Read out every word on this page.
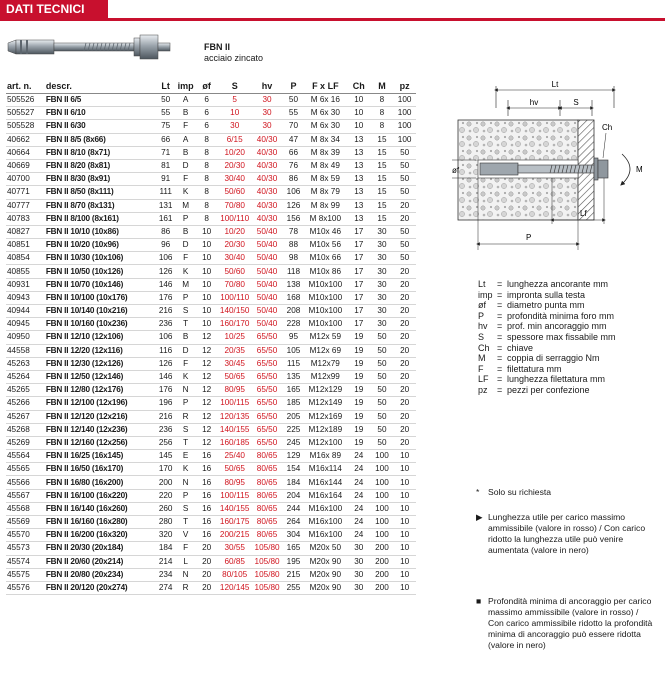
DATI TECNICI
FBN II
acciaio zincato
art. n.	descr.	Lt	imp	øf	S	hv	P	F x LF	Ch	M	pz
505526	FBN II 6/5	50	A	6	5	30	50	M 6x 16	10	8	100
505527	FBN II 6/10	55	B	6	10	30	55	M 6x 30	10	8	100
505528	FBN II 6/30	75	F	6	30	30	70	M 6x 30	10	8	100
40662	FBN II 8/5 (8x66)	66	A	8	6/15	40/30	47	M 8x 34	13	15	100
40664	FBN II 8/10 (8x71)	71	B	8	10/20	40/30	66	M 8x 39	13	15	50
40669	FBN II 8/20 (8x81)	81	D	8	20/30	40/30	76	M 8x 49	13	15	50
40700	FBN II 8/30 (8x91)	91	F	8	30/40	40/30	86	M 8x 59	13	15	50
40771	FBN II 8/50 (8x111)	111	K	8	50/60	40/30	106	M 8x 79	13	15	50
40777	FBN II 8/70 (8x131)	131	M	8	70/80	40/30	126	M 8x 99	13	15	20
40783	FBN II 8/100 (8x161)	161	P	8	100/110	40/30	156	M 8x100	13	15	20
40827	FBN II 10/10 (10x86)	86	B	10	10/20	50/40	78	M10x 46	17	30	50
40851	FBN II 10/20 (10x96)	96	D	10	20/30	50/40	88	M10x 56	17	30	50
40854	FBN II 10/30 (10x106)	106	F	10	30/40	50/40	98	M10x 66	17	30	50
40855	FBN II 10/50 (10x126)	126	K	10	50/60	50/40	118	M10x 86	17	30	20
40931	FBN II 10/70 (10x146)	146	M	10	70/80	50/40	138	M10x100	17	30	20
40943	FBN II 10/100 (10x176)	176	P	10	100/110	50/40	168	M10x100	17	30	20
40944	FBN II 10/140 (10x216)	216	S	10	140/150	50/40	208	M10x100	17	30	20
40945	FBN II 10/160 (10x236)	236	T	10	160/170	50/40	228	M10x100	17	30	20
40950	FBN II 12/10 (12x106)	106	B	12	10/25	65/50	95	M12x 59	19	50	20
44558	FBN II 12/20 (12x116)	116	D	12	20/35	65/50	105	M12x 69	19	50	20
45263	FBN II 12/30 (12x126)	126	F	12	30/45	65/50	115	M12x79	19	50	20
45264	FBN II 12/50 (12x146)	146	K	12	50/65	65/50	135	M12x99	19	50	20
45265	FBN II 12/80 (12x176)	176	N	12	80/95	65/50	165	M12x129	19	50	20
45266	FBN II 12/100 (12x196)	196	P	12	100/115	65/50	185	M12x149	19	50	20
45267	FBN II 12/120 (12x216)	216	R	12	120/135	65/50	205	M12x169	19	50	20
45268	FBN II 12/140 (12x236)	236	S	12	140/155	65/50	225	M12x189	19	50	20
45269	FBN II 12/160 (12x256)	256	T	12	160/185	65/50	245	M12x100	19	50	20
45564	FBN II 16/25 (16x145)	145	E	16	25/40	80/65	129	M16x 89	24	100	10
45565	FBN II 16/50 (16x170)	170	K	16	50/65	80/65	154	M16x114	24	100	10
45566	FBN II 16/80 (16x200)	200	N	16	80/95	80/65	184	M16x144	24	100	10
45567	FBN II 16/100 (16x220)	220	P	16	100/115	80/65	204	M16x164	24	100	10
45568	FBN II 16/140 (16x260)	260	S	16	140/155	80/65	244	M16x100	24	100	10
45569	FBN II 16/160 (16x280)	280	T	16	160/175	80/65	264	M16x100	24	100	10
45570	FBN II 16/200 (16x320)	320	V	16	200/215	80/65	304	M16x100	24	100	10
45573	FBN II 20/30 (20x184)	184	F	20	30/55	105/80	165	M20x 50	30	200	10
45574	FBN II 20/60 (20x214)	214	L	20	60/85	105/80	195	M20x 90	30	200	10
45575	FBN II 20/80 (20x234)	234	N	20	80/105	105/80	215	M20x 90	30	200	10
45576	FBN II 20/120 (20x274)	274	R	20	120/145	105/80	255	M20x 90	30	200	10
Lt
hv	S
Ch
øf	M
Lf
P
Lt	= lunghezza ancorante mm
imp = impronta sulla testa
øf	= diametro punta mm
P	= profondità minima foro mm
hv	= prof. min ancoraggio mm
S	= spessore max fissabile mm
Ch = chiave
M	= coppia di serraggio Nm
F	= filettatura mm
LF = lunghezza filettatura mm
pz	= pezzi per confezione
* Solo su richiesta
▶ Lunghezza utile per carico massimo ammissibile (valore in rosso) / Con carico ridotto la lunghezza utile può venire aumentata (valore in nero)
■ Profondità minima di ancoraggio per carico massimo ammissibile (valore in rosso) / Con carico ammissibile ridotto la profondità minima di ancoraggio può essere ridotta (valore in nero)
